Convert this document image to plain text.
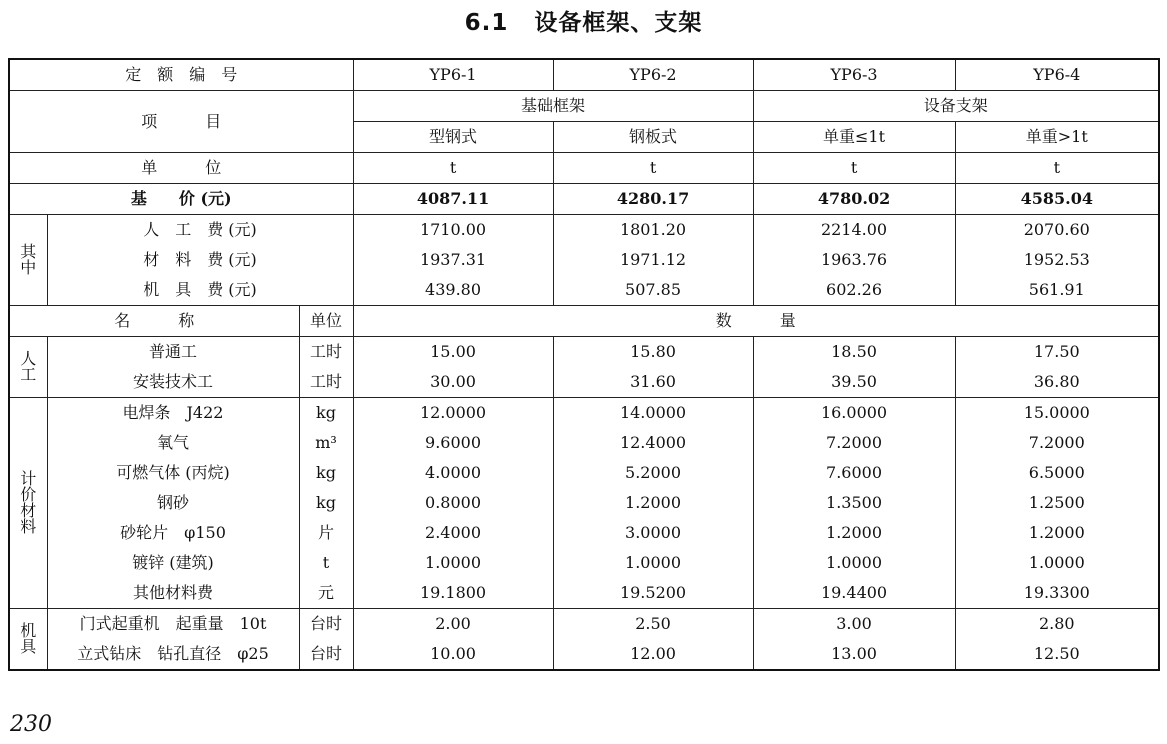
6.1 设备框架、支架
定　额　编　号			YP6-1	YP6-2	YP6-3	YP6-4
项　　　目			基础框架		设备支架	
			型钢式	钢板式	单重≤1t	单重>1t
单　　　位			t	t	t	t
基　　价 (元)			4087.11	4280.17	4780.02	4585.04

其
中	人　工　费 (元)		1710.00	1801.20	2214.00	2070.60
	材　料　费 (元)		1937.31	1971.12	1963.76	1952.53
	机　具　费 (元)		439.80	507.85	602.26	561.91
名　　　称		单位	数　　　量			

人
工	普通工	工时	15.00	15.80	18.50	17.50
	安装技术工	工时	30.00	31.60	39.50	36.80

计
价
材
料	电焊条　J422	kg	12.0000	14.0000	16.0000	15.0000
	氧气	m³	9.6000	12.4000	7.2000	7.2000
	可燃气体 (丙烷)	kg	4.0000	5.2000	7.6000	6.5000
	钢砂	kg	0.8000	1.2000	1.3500	1.2500
	砂轮片　φ150	片	2.4000	3.0000	1.2000	1.2000
	镀锌 (建筑)	t	1.0000	1.0000	1.0000	1.0000
	其他材料费	元	19.1800	19.5200	19.4400	19.3300

机
具	门式起重机　起重量　10t	台时	2.00	2.50	3.00	2.80
	立式钻床　钻孔直径　φ25	台时	10.00	12.00	13.00	12.50
230
